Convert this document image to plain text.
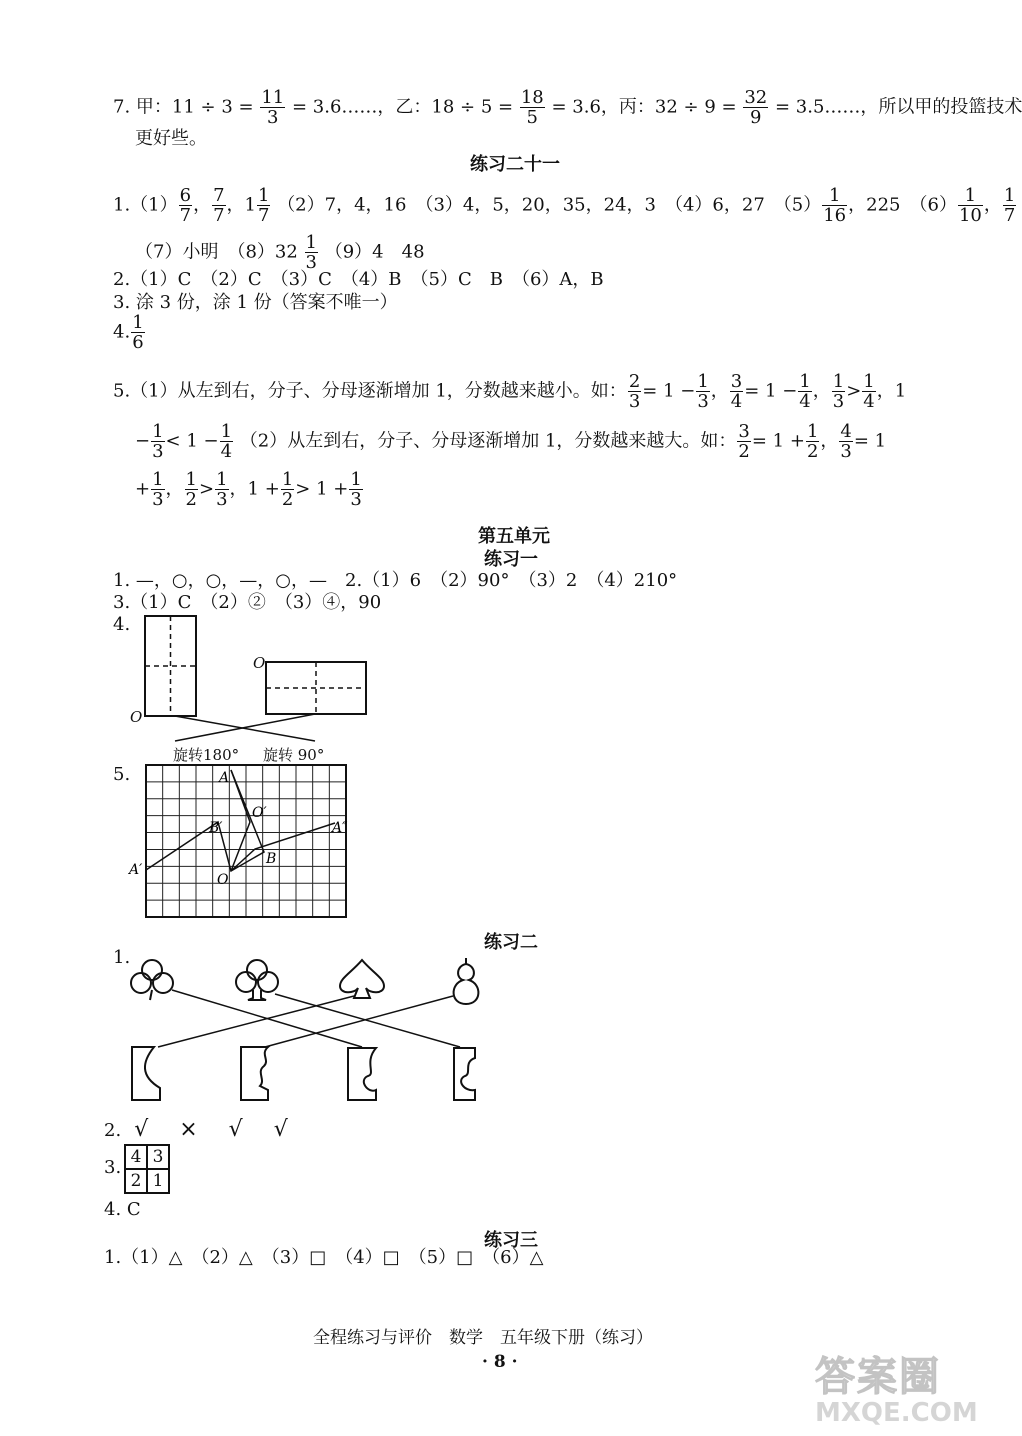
7. 甲：$11 \div 3 = \frac{11}{3}$ = 3.6……，乙：$18 \div 5 = \frac{18}{5} = 3.6$，丙：$32 \div 9 = \frac{32}{9}$ = 3.5……，所以甲的投篮技术
更好些。
练习二十一
$1.(1) \frac{6}{7}$ ， $\frac{7}{7}$ ，$1 \frac{1}{7} (2)7$，4，16　（3）4，5，20，35，24，3　（4）6，27　$(5) \frac{1}{16}$ ，225　$(6) \frac{1}{10}$ ， $\frac{1}{7}$
（7）小明　$(8)32 \frac{1}{3} (9)4$　48
2.（1）C　（2）C　（3）C　（4）B　（5）C　B　（6）A，B
3. 涂 3 份，涂 1 份（答案不唯一）
4. $\frac{1}{6}$
5.（1）从左到右，分子、分母逐渐增加 1，分数越来越小。如： $\frac{2}{3} = 1 - \frac{1}{3}$ ， $\frac{3}{4} = 1 - \frac{1}{4}$ ， $\frac{1}{3} > \frac{1}{4}$ ，1
− $\frac{1}{3} < 1 - \frac{1}{4} (2)$从左到右，分子、分母逐渐增加 1，分数越来越大。如： $\frac{3}{2} = 1 + \frac{1}{2}$ ， $\frac{4}{3} = 1$
+ $\frac{1}{3}$ ， $\frac{1}{2} > \frac{1}{3}$ ，$1 + \frac{1}{2} > 1 + \frac{1}{3}$
第五单元
练习一
1. —，○，○，—，○，—　2.（1）6　（2）90°　（3）2　（4）210°
3.（1）C　（2）②　（3）④，90
4.
O
O
旋转180° 旋转 90°
5.	A
O′
B′	A″
A′
B
O
练习二
1.
2. √ × √ √
3. 4	3
2	1
4. C
练习三
1.（1）△　（2）△　（3）□　（4）□　（5）□　（6）△
全程练习与评价　数学　五年级下册（练习）
· 8 ·	答案圈
MXQE.COM
